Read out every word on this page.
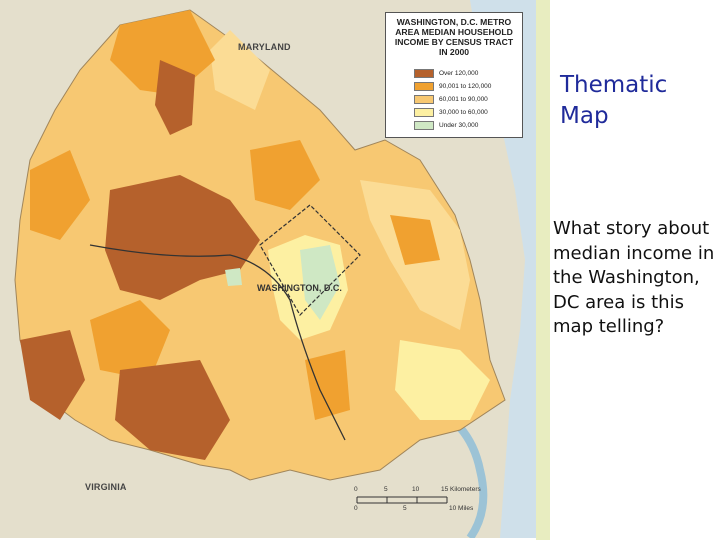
MARYLAND
VIRGINIA
WASHINGTON, D.C.
0	5	10	15 Kilometers
0	5	10 Miles
WASHINGTON, D.C. METRO AREA MEDIAN HOUSEHOLD INCOME BY CENSUS TRACT IN 2000
Over 120,000
90,001 to 120,000
60,001 to 90,000
30,000 to 60,000
Under 30,000
Thematic Map
What story about median income in the Washington, DC area is this map telling?
